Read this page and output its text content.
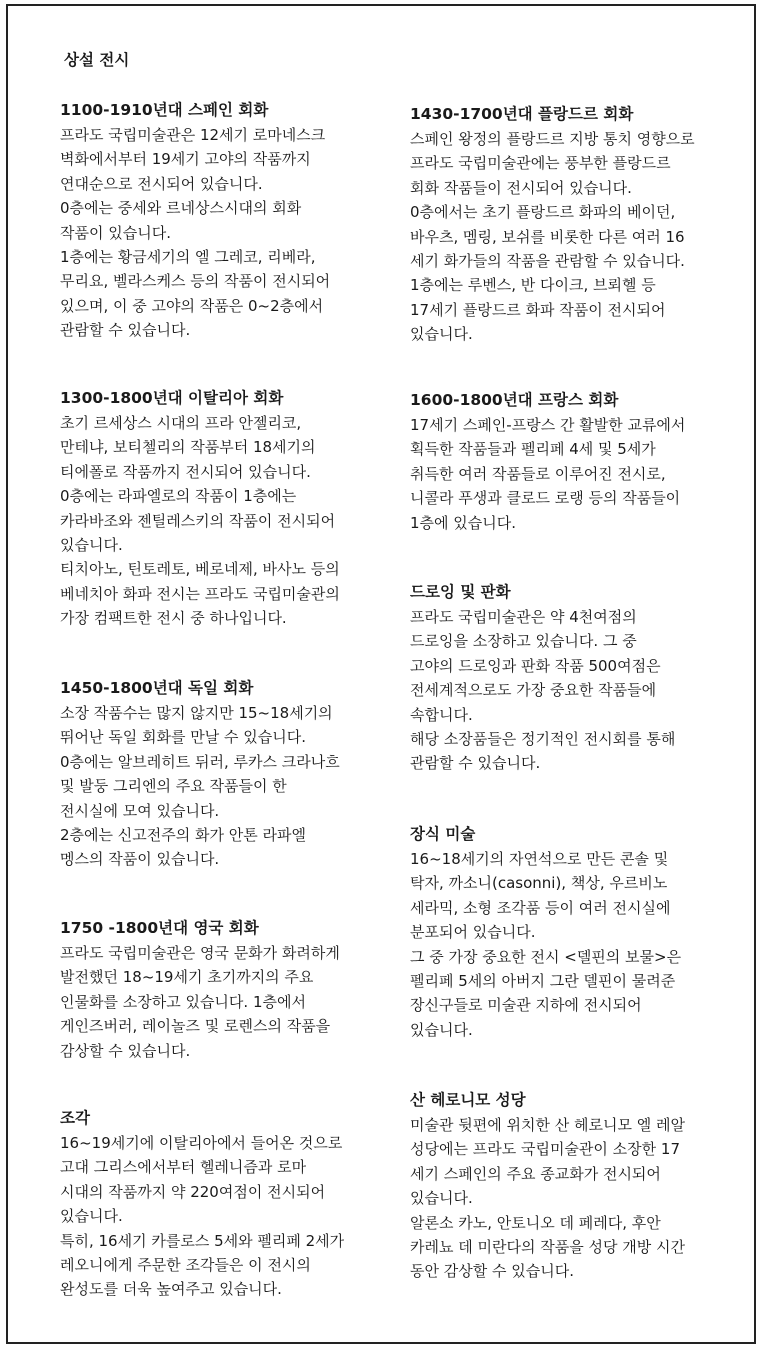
상설 전시
1100-1910년대 스페인 회화
프라도 국립미술관은 12세기 로마네스크
벽화에서부터 19세기 고야의 작품까지
연대순으로 전시되어 있습니다.
0층에는 중세와 르네상스시대의 회화
작품이 있습니다.
1층에는 황금세기의 엘 그레코, 리베라,
무리요, 벨라스케스 등의 작품이 전시되어
있으며, 이 중 고야의 작품은 0~2층에서
관람할 수 있습니다.
1300-1800년대 이탈리아 회화
초기 르세상스 시대의 프라 안젤리코,
만테냐, 보티첼리의 작품부터 18세기의
티에폴로 작품까지 전시되어 있습니다.
0층에는 라파엘로의 작품이 1층에는
카라바조와 젠틸레스키의 작품이 전시되어
있습니다.
티치아노, 틴토레토, 베로네제, 바사노 등의
베네치아 화파 전시는 프라도 국립미술관의
가장 컴팩트한 전시 중 하나입니다.
1450-1800년대 독일 회화
소장 작품수는 많지 않지만 15~18세기의
뛰어난 독일 회화를 만날 수 있습니다.
0층에는 알브레히트 뒤러, 루카스 크라나흐
및 발둥 그리엔의 주요 작품들이 한
전시실에 모여 있습니다.
2층에는 신고전주의 화가 안톤 라파엘
멩스의 작품이 있습니다.
1750 -1800년대 영국 회화
프라도 국립미술관은 영국 문화가 화려하게
발전했던 18~19세기 초기까지의 주요
인물화를 소장하고 있습니다. 1층에서
게인즈버러, 레이놀즈 및 로렌스의 작품을
감상할 수 있습니다.
조각
16~19세기에 이탈리아에서 들어온 것으로
고대 그리스에서부터 헬레니즘과 로마
시대의 작품까지 약 220여점이 전시되어
있습니다.
특히, 16세기 카를로스 5세와 펠리페 2세가
레오니에게 주문한 조각들은 이 전시의
완성도를 더욱 높여주고 있습니다.
1430-1700년대 플랑드르 회화
스페인 왕정의 플랑드르 지방 통치 영향으로
프라도 국립미술관에는 풍부한 플랑드르
회화 작품들이 전시되어 있습니다.
0층에서는 초기 플랑드르 화파의 베이던,
바우츠, 멤링, 보쉬를 비롯한 다른 여러 16
세기 화가들의 작품을 관람할 수 있습니다.
1층에는 루벤스, 반 다이크, 브뢰헬 등
17세기 플랑드르 화파 작품이 전시되어
있습니다.
1600-1800년대 프랑스 회화
17세기 스페인-프랑스 간 활발한 교류에서
획득한 작품들과 펠리페 4세 및 5세가
취득한 여러 작품들로 이루어진 전시로,
니콜라 푸생과 클로드 로랭 등의 작품들이
1층에 있습니다.
드로잉 및 판화
프라도 국립미술관은 약 4천여점의
드로잉을 소장하고 있습니다. 그 중
고야의 드로잉과 판화 작품 500여점은
전세계적으로도 가장 중요한 작품들에
속합니다.
해당 소장품들은 정기적인 전시회를 통해
관람할 수 있습니다.
장식 미술
16~18세기의 자연석으로 만든 콘솔 및
탁자, 까소니(casonni), 책상, 우르비노
세라믹, 소형 조각품 등이 여러 전시실에
분포되어 있습니다.
그 중 가장 중요한 전시 <델핀의 보물>은
펠리페 5세의 아버지 그란 델핀이 물려준
장신구들로 미술관 지하에 전시되어
있습니다.
산 헤로니모 성당
미술관 뒷편에 위치한 산 헤로니모 엘 레알
성당에는 프라도 국립미술관이 소장한 17
세기 스페인의 주요 종교화가 전시되어
있습니다.
알론소 카노, 안토니오 데 페레다, 후안
카레뇨 데 미란다의 작품을 성당 개방 시간
동안 감상할 수 있습니다.
